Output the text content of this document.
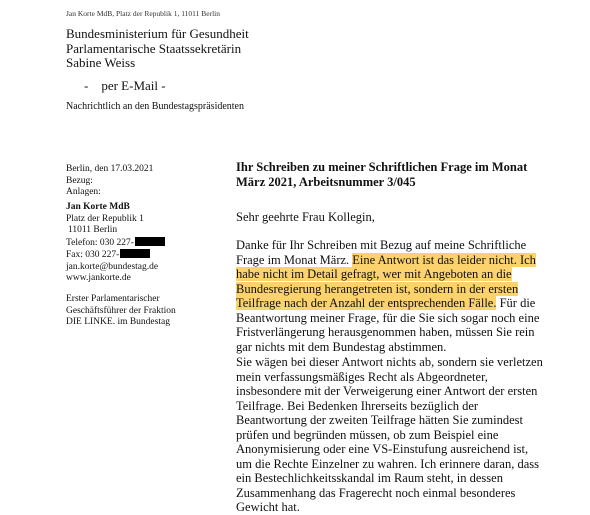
Jan Korte MdB, Platz der Republik 1, 11011 Berlin
Bundesministerium für Gesundheit
Parlamentarische Staatssekretärin
Sabine Weiss
-    per E-Mail -
Nachrichtlich an den Bundestagspräsidenten
Berlin, den 17.03.2021
Bezug:
Anlagen:
Jan Korte MdB
Platz der Republik 1
11011 Berlin
Telefon: 030 227-
Fax: 030 227-
jan.korte@bundestag.de
www.jankorte.de
Erster Parlamentarischer
Geschäftsführer der Fraktion
DIE LINKE. im Bundestag
Ihr Schreiben zu meiner Schriftlichen Frage im Monat
März 2021, Arbeitsnummer 3/045
Sehr geehrte Frau Kollegin,
Danke für Ihr Schreiben mit Bezug auf meine Schriftliche
Frage im Monat März. Eine Antwort ist das leider nicht. Ich
habe nicht im Detail gefragt, wer mit Angeboten an die
Bundesregierung herangetreten ist, sondern in der ersten
Teilfrage nach der Anzahl der entsprechenden Fälle. Für die
Beantwortung meiner Frage, für die Sie sich sogar noch eine
Fristverlängerung herausgenommen haben, müssen Sie rein
gar nichts mit dem Bundestag abstimmen.
Sie wägen bei dieser Antwort nichts ab, sondern sie verletzen
mein verfassungsmäßiges Recht als Abgeordneter,
insbesondere mit der Verweigerung einer Antwort der ersten
Teilfrage. Bei Bedenken Ihrerseits bezüglich der
Beantwortung der zweiten Teilfrage hätten Sie zumindest
prüfen und begründen müssen, ob zum Beispiel eine
Anonymisierung oder eine VS-Einstufung ausreichend ist,
um die Rechte Einzelner zu wahren. Ich erinnere daran, dass
ein Bestechlichkeitsskandal im Raum steht, in dessen
Zusammenhang das Fragerecht noch einmal besonderes
Gewicht hat.
